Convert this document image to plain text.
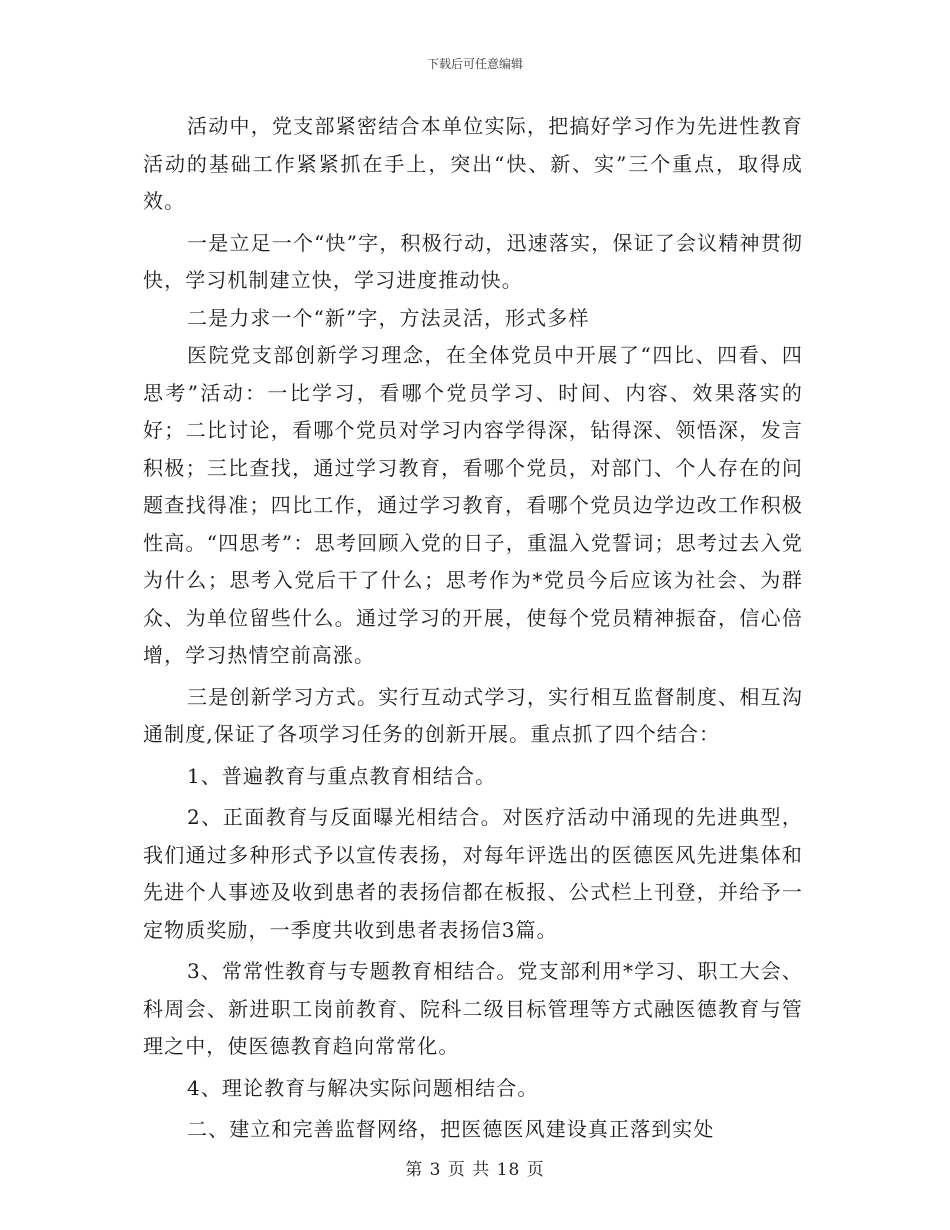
下载后可任意编辑

活动中，党支部紧密结合本单位实际，把搞好学习作为先进性教育活动的基础工作紧紧抓在手上，突出“快、新、实”三个重点，取得成效。

一是立足一个“快”字，积极行动，迅速落实，保证了会议精神贯彻快，学习机制建立快，学习进度推动快。

二是力求一个“新”字，方法灵活，形式多样

医院党支部创新学习理念，在全体党员中开展了“四比、四看、四思考”活动：一比学习，看哪个党员学习、时间、内容、效果落实的好；二比讨论，看哪个党员对学习内容学得深，钻得深、领悟深，发言积极；三比查找，通过学习教育，看哪个党员，对部门、个人存在的问题查找得准；四比工作，通过学习教育，看哪个党员边学边改工作积极性高。“四思考”：思考回顾入党的日子，重温入党誓词；思考过去入党为什么；思考入党后干了什么；思考作为*党员今后应该为社会、为群众、为单位留些什么。通过学习的开展，使每个党员精神振奋，信心倍增，学习热情空前高涨。

三是创新学习方式。实行互动式学习，实行相互监督制度、相互沟通制度,保证了各项学习任务的创新开展。重点抓了四个结合：

1、普遍教育与重点教育相结合。

2、正面教育与反面曝光相结合。对医疗活动中涌现的先进典型，我们通过多种形式予以宣传表扬，对每年评选出的医德医风先进集体和先进个人事迹及收到患者的表扬信都在板报、公式栏上刊登，并给予一定物质奖励，一季度共收到患者表扬信3篇。

3、常常性教育与专题教育相结合。党支部利用*学习、职工大会、科周会、新进职工岗前教育、院科二级目标管理等方式融医德教育与管理之中，使医德教育趋向常常化。

4、理论教育与解决实际问题相结合。

二、建立和完善监督网络，把医德医风建设真正落到实处

第 3 页 共 18 页
